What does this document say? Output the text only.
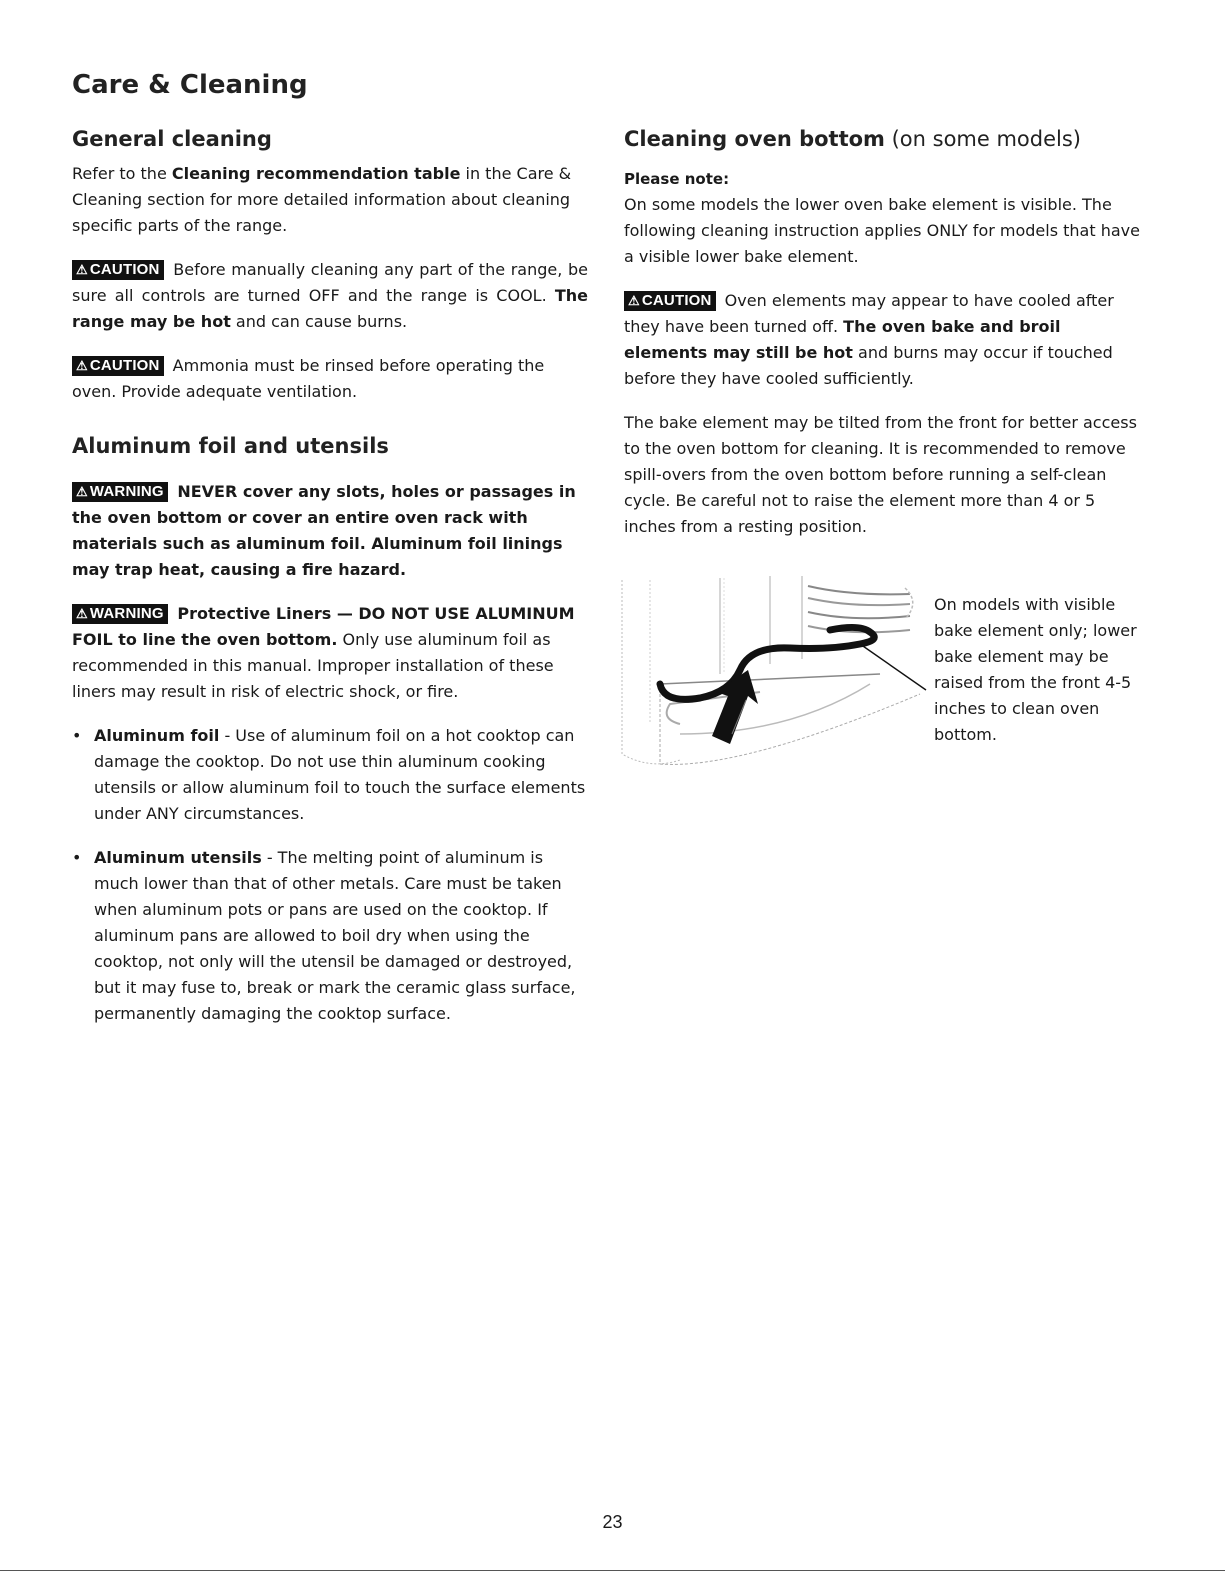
Care & Cleaning
General cleaning

Refer to the Cleaning recommendation table in the Care & Cleaning section for more detailed information about cleaning specific parts of the range.

⚠ CAUTION Before manually cleaning any part of the range, be sure all controls are turned OFF and the range is COOL. The range may be hot and can cause burns.

⚠ CAUTION Ammonia must be rinsed before operating the oven. Provide adequate ventilation.

Aluminum foil and utensils

⚠ WARNING NEVER cover any slots, holes or passages in the oven bottom or cover an entire oven rack with materials such as aluminum foil. Aluminum foil linings may trap heat, causing a fire hazard.

⚠ WARNING Protective Liners — DO NOT USE ALUMINUM FOIL to line the oven bottom. Only use aluminum foil as recommended in this manual. Improper installation of these liners may result in risk of electric shock, or fire.

• Aluminum foil - Use of aluminum foil on a hot cooktop can damage the cooktop. Do not use thin aluminum cooking utensils or allow aluminum foil to touch the surface elements under ANY circumstances.
• Aluminum utensils - The melting point of aluminum is much lower than that of other metals. Care must be taken when aluminum pots or pans are used on the cooktop. If aluminum pans are allowed to boil dry when using the cooktop, not only will the utensil be damaged or destroyed, but it may fuse to, break or mark the ceramic glass surface, permanently damaging the cooktop surface.
Cleaning oven bottom (on some models)
Please note:

On some models the lower oven bake element is visible. The following cleaning instruction applies ONLY for models that have a visible lower bake element.

⚠ CAUTION Oven elements may appear to have cooled after they have been turned off. The oven bake and broil elements may still be hot and burns may occur if touched before they have cooled sufficiently.

The bake element may be tilted from the front for better access to the oven bottom for cleaning. It is recommended to remove spill-overs from the oven bottom before running a self-clean cycle. Be careful not to raise the element more than 4 or 5 inches from a resting position.

On models with visible bake element only; lower bake element may be raised from the front 4-5 inches to clean oven bottom.
23
